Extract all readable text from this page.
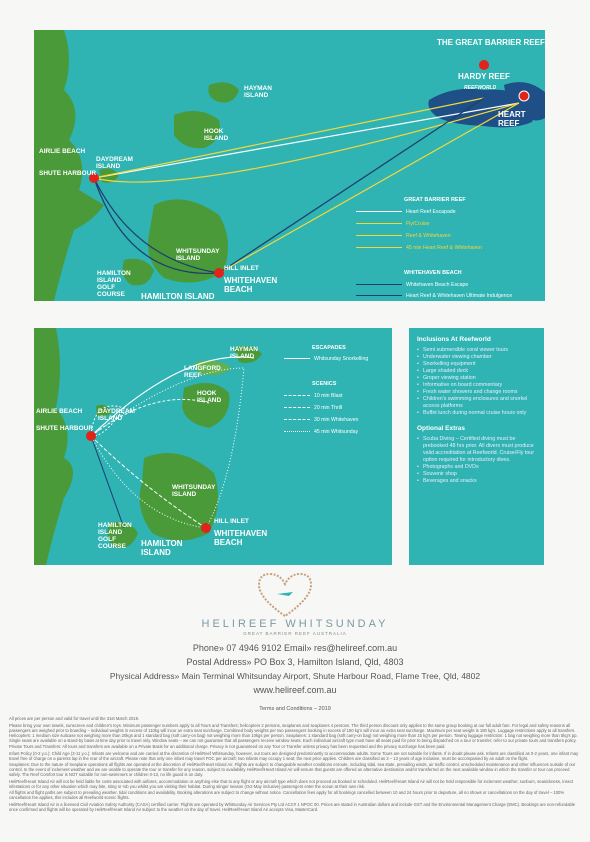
THE GREAT BARRIER REEF
HARDY REEF
REEFWORLD
HEART REEF
HAYMAN ISLAND
HOOK ISLAND
AIRLIE BEACH
DAYDREAM ISLAND
SHUTE HARBOUR
WHITSUNDAY ISLAND
HILL INLET
WHITEHAVEN BEACH
HAMILTON ISLAND GOLF COURSE	HAMILTON ISLAND
GREAT BARRIER REEF
Heart Reef Escapade
Fly/Cruise
Reef & Whitehaven
45 min Heart Reef & Whitehaven
WHITEHAVEN BEACH
Whitehaven Beach Escape
Heart Reef & Whitehaven Ultimate Indulgence
HAYMAN ISLAND
LANGFORD REEF
HOOK ISLAND
AIRLIE BEACH DAYDREAM ISLAND
SHUTE HARBOUR
WHITSUNDAY ISLAND
HAMILTON ISLAND GOLF COURSE	HAMILTON ISLAND
HILL INLET
WHITEHAVEN BEACH
ESCAPADES
Whitsunday Snorkelling
SCENICS
10 min Blast
20 min Thrill
30 min Whitehaven
45 min Whitsunday
Inclusions At Reefworld
• Semi submersible coral viewer tours
• Underwater viewing chamber
• Snorkelling equipment
• Large shaded deck
• Groper viewing station
• Informative on board commentary
• Fresh water showers and change rooms
• Children's swimming enclosures and snorkel access platforms
• Buffet lunch during normal cruise hours only
Optional Extras
• Scuba Diving – Certified diving must be prebooked 48 hrs prior. All divers must produce valid accreditation at Reefworld. Cruise/Fly tour option required for introductory dives.
• Photographs and DVDs
• Souvenir shop
• Beverages and snacks
HELIREEF WHITSUNDAY
GREAT BARRIER REEF AUSTRALIA
Phone» 07 4946 9102 Email» res@helireef.com.au
Postal Address» PO Box 3, Hamilton Island, Qld, 4803
Physical Address» Main Terminal Whitsunday Airport, Shute Harbour Road, Flame Tree, Qld, 4802
www.helireef.com.au
Terms and Conditions – 2019

All prices are per person and valid for travel until the 31st March 2019.

Please bring your own towels, sunscreen and children's toys. Minimum passenger numbers apply to all Tours and Transfers; helicopters 2 persons, seaplanes and seaplanes 4 persons. The third person discount only applies to the same group booking at our full adult fare. For legal and safety reasons all passengers are weighed prior to boarding – individual weights in excess of 110kg will incur an extra seat surcharge. Combined body weights per two passengers booking in excess of 180 kg's will incur an extra seat surcharge. Maximum per seat weight is 180 kg's. Luggage restrictions apply to all transfers. Helicopters: 1 medium size suitcase not weighing more than 20kgs and 1 standard bag (soft carry-on bag) not weighing more than 10kgs per person. Seaplanes: 1 standard bag (soft carry-on bag) not weighing more than 15 kg's per person. Towing luggage restriction: 1 bag not weighing more than 5kg's pp. Single seats are available on a stand-by basis at time day prior to travel only. Window seats – we can not guarantee that all passengers receive window seats. Each individual aircraft type must have all seats paid for prior to being dispatched on a tour or transfer; refer to our private tours and transfers policy.

Private Tours and Transfers: All tours and transfers are available on a Private Basis for an additional charge. Privacy is not guaranteed on any Tour or Transfer unless privacy has been requested and the privacy surcharge has been paid.

Infant Policy (0-2 y.o.): Child Age (3-11 y.o.): Infants are welcome and are carried at the discretion of HeliReef Whitsunday, however, our tours are designed predominantly to accommodate adults. Some Tours are not suitable for infants. If in doubt please ask. Infants are classified as 0-2 years, one infant may travel free of charge on a parents lap in the rear of the aircraft. Please note that only one infant may travel FOC per aircraft; two infants may occupy 1 seat; the next price applies. Children are classified as 3 – 13 years of age inclusive, must be accompanied by an adult on the flight.

Seaplanes: Due to the nature of Seaplane operations all flights are operated at the discretion of HeliReef/Heart Island Air. Flights are subject to changeable weather conditions enroute, including tidal, sea state, prevailing winds, air traffic control, unscheduled maintenance and other influences outside of our control. In the event of inclement weather and we are unable to operate the tour or transfer for any reason, subject to availability HeliReef/Heart Island Air will ensure that guests are offered an alternative destination and/or transferred on the next available window in which the transfer or tour can proceed safely. The Reef Comfort tour is NOT suitable for non-swimmers or children 0-13, no life guard is on duty.

HeliReef/Heart Island Air will not be held liable for costs associated with airfares, accommodation or anything else that to any flight or any aircraft type which does not proceed as booked or scheduled. HeliReef/Heart Island Air will not be held responsible for inclement weather, sunburn, seasickness, insect infestations or for any other situation which may bite, sting or rob you whilst you are visiting their habitat. During stinger season (Oct-May inclusive) passengers enter the ocean at their own risk.

All flights and flight paths are subject to prevailing weather, tidal conditions and availability. Booking alterations are subject to change without notice. Cancellation fees apply for all bookings cancelled between 10 and 24 hours prior to departure, all no shows or cancellations on the day of travel – 100% cancellation fee applies, this includes all Reefworld scenic flights.

HeliReef/Heart Island Air is a licensed Civil Aviation Safety Authority (CASA) certified carrier. Flights are operated by Whitsunday Air Services Pty Ltd ACC# 1 NPOC 00. Prices are stated in Australian dollars and include GST and the Environmental Management Charge (EMC). Bookings are non-refundable once confirmed and flights will be operated by HeliReef/Heart Island Air subject to the weather on the day of travel. HeliReef/Heart Island Air accepts Visa, MasterCard.
